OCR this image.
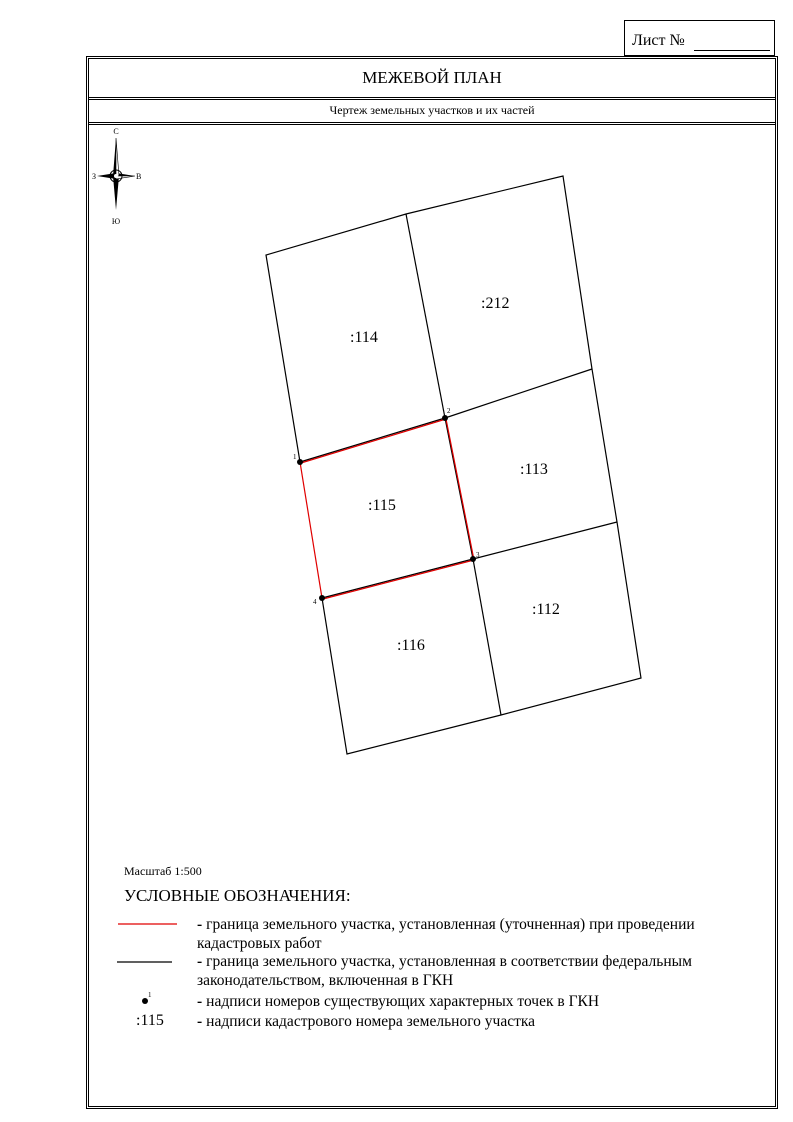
Лист №
МЕЖЕВОЙ ПЛАН
Чертеж земельных участков и их частей
С
Ю
З	В
1
2
3
4
:114
:212
:115
:113
:116
:112
Масштаб 1:500
УСЛОВНЫЕ ОБОЗНАЧЕНИЯ:
- граница земельного участка, установленная (уточненная) при проведении кадастровых работ
- граница земельного участка, установленная в соответствии федеральным законодательством, включенная в ГКН
1	- надписи номеров существующих характерных точек в ГКН
:115 - надписи кадастрового номера земельного участка
